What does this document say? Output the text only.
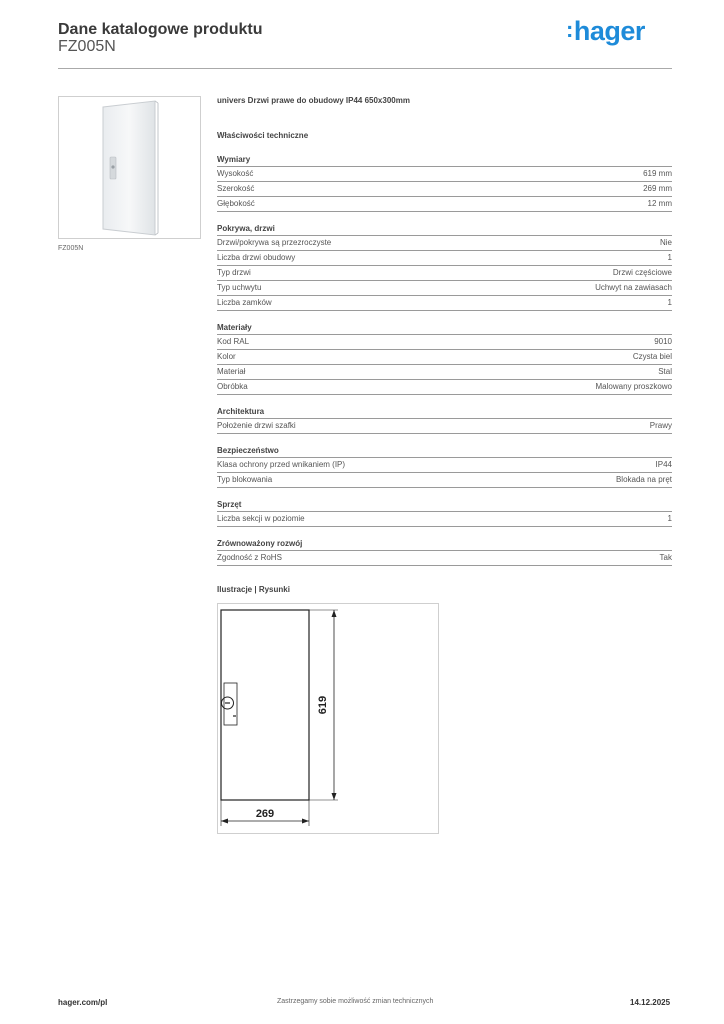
Dane katalogowe produktu
FZ005N
:hager
FZ005N
univers Drzwi prawe do obudowy IP44 650x300mm
Właściwości techniczne
Wymiary
Wysokość	619 mm
Szerokość	269 mm
Głębokość	12 mm
Pokrywa, drzwi
Drzwi/pokrywa są przezroczyste	Nie
Liczba drzwi obudowy	1
Typ drzwi	Drzwi częściowe
Typ uchwytu	Uchwyt na zawiasach
Liczba zamków	1
Materiały
Kod RAL	9010
Kolor	Czysta biel
Materiał	Stal
Obróbka	Malowany proszkowo
Architektura
Położenie drzwi szafki	Prawy
Bezpieczeństwo
Klasa ochrony przed wnikaniem (IP)	IP44
Typ blokowania	Blokada na pręt
Sprzęt
Liczba sekcji w poziomie	1
Zrównoważony rozwój
Zgodność z RoHS	Tak
Ilustracje | Rysunki
619
269
hager.com/pl	Zastrzegamy sobie możliwość zmian technicznych	14.12.2025
